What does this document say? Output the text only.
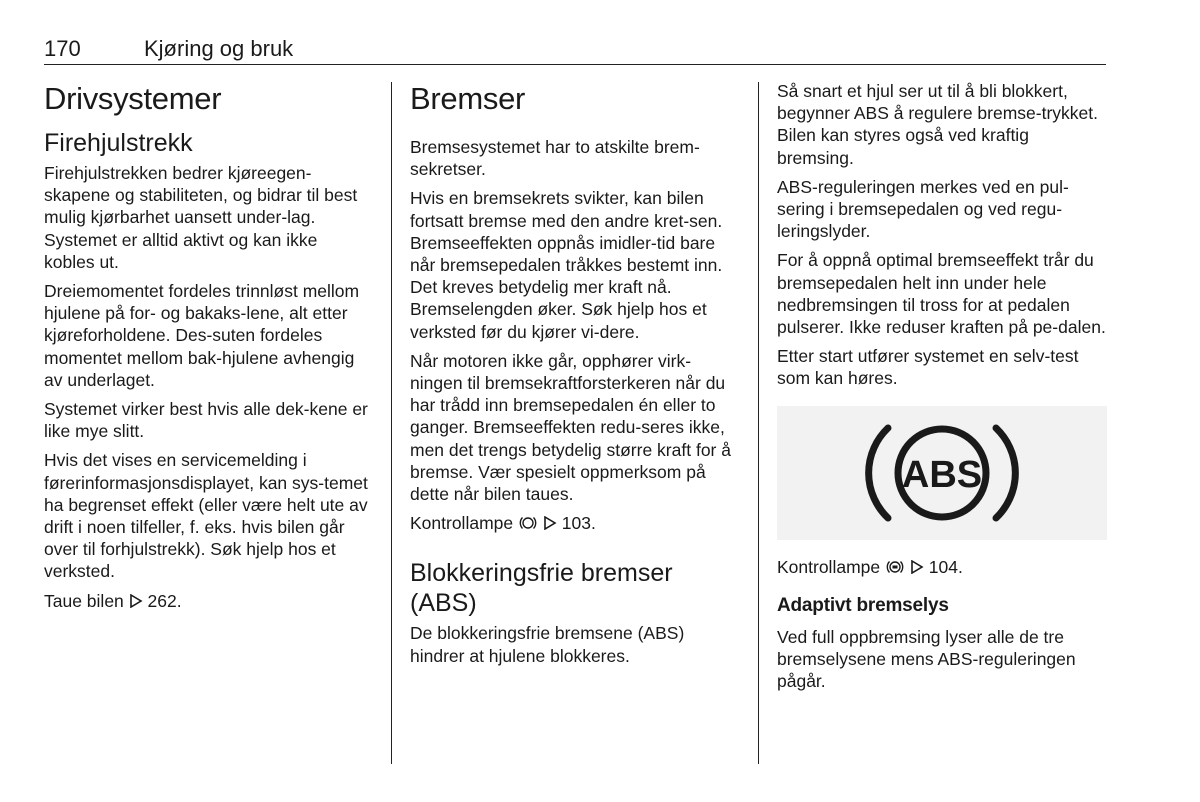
170	Kjøring og bruk
Drivsystemer
Firehjulstrekk

Firehjulstrekken bedrer kjøreegen-skapene og stabiliteten, og bidrar til best mulig kjørbarhet uansett under-lag. Systemet er alltid aktivt og kan ikke kobles ut.

Dreiemomentet fordeles trinnløst mellom hjulene på for- og bakaks-lene, alt etter kjøreforholdene. Des-suten fordeles momentet mellom bak-hjulene avhengig av underlaget.

Systemet virker best hvis alle dek-kene er like mye slitt.

Hvis det vises en servicemelding i førerinformasjonsdisplayet, kan sys-temet ha begrenset effekt (eller være helt ute av drift i noen tilfeller, f. eks. hvis bilen går over til forhjulstrekk). Søk hjelp hos et verksted.

Taue bilen 262.

Bremser

Bremsesystemet har to atskilte brem-sekretser.

Hvis en bremsekrets svikter, kan bilen fortsatt bremse med den andre kret-sen. Bremseeffekten oppnås imidler-tid bare når bremsepedalen tråkkes bestemt inn. Det kreves betydelig mer kraft nå. Bremselengden øker. Søk hjelp hos et verksted før du kjører vi-dere.

Når motoren ikke går, opphører virk-ningen til bremsekraftforsterkeren når du har trådd inn bremsepedalen én eller to ganger. Bremseeffekten redu-seres ikke, men det trengs betydelig større kraft for å bremse. Vær spesielt oppmerksom på dette når bilen taues.

Kontrollampe	103.

Blokkeringsfrie bremser (ABS)

De blokkeringsfrie bremsene (ABS) hindrer at hjulene blokkeres.

Så snart et hjul ser ut til å bli blokkert, begynner ABS å regulere bremse-trykket. Bilen kan styres også ved kraftig bremsing.

ABS-reguleringen merkes ved en pul-sering i bremsepedalen og ved regu-leringslyder.

For å oppnå optimal bremseeffekt trår du bremsepedalen helt inn under hele nedbremsingen til tross for at pedalen pulserer. Ikke reduser kraften på pe-dalen.

Etter start utfører systemet en selv-test som kan høres.

ABS

Kontrollampe	104.

Adaptivt bremselys

Ved full oppbremsing lyser alle de tre bremselysene mens ABS-reguleringen pågår.
